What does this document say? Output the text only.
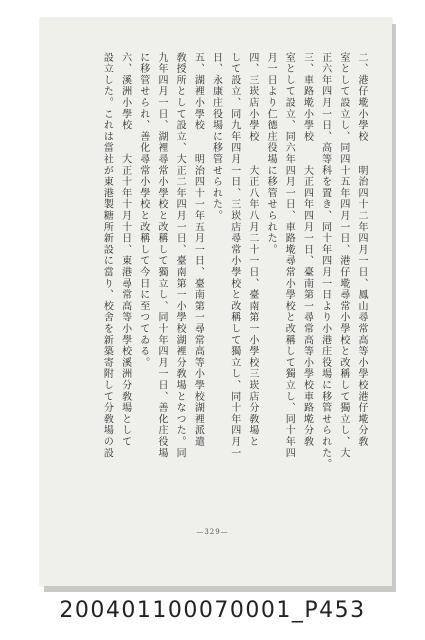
二、港仔墘小學校　　明治四十二年四月一日、鳳山尋常高等小學校港仔墘分敎
室として設立し、同四十五年四月一日、港仔墘尋常小學校と改稱して獨立し、大
正六年四月一日、高等科を置き、同十年四月一日より小港庄役場に移管せられた。
三、車路墘小學校　　大正四年四月一日、臺南第一尋常高等小學校車路墘分敎
室として設立、同六年四月一日、車路墘尋常小學校と改稱して獨立し、同十年四
月一日より仁德庄役場に移管せられた。
四、三崁店小學校　　大正八年八月二十一日、臺南第一小學校三崁店分敎場と
して設立、同九年四月一日、三崁店尋常小學校と改稱して獨立し、同十年四月一
日、永康庄役場に移管せられた。
五、湖裡小學校　　明治四十一年五月一日、臺南第一尋常高等小學校湖裡派遣
敎授所として設立、大正二年四月一日、臺南第一小學校湖裡分敎場となつた。同
九年四月一日、湖裡尋常小學校と改稱して獨立し、同十年四月一日、善化庄役場
に移管せられ、善化尋常小學校と改稱して今日に至つてゐる。
六、溪洲小學校　　大正十年十月十日、東港尋常高等小學校溪洲分敎場として
設立した。これは當社が東港製糖所新設に當り、校舍を新築寄附して分敎場の設
—329—
200401100070001_P453
